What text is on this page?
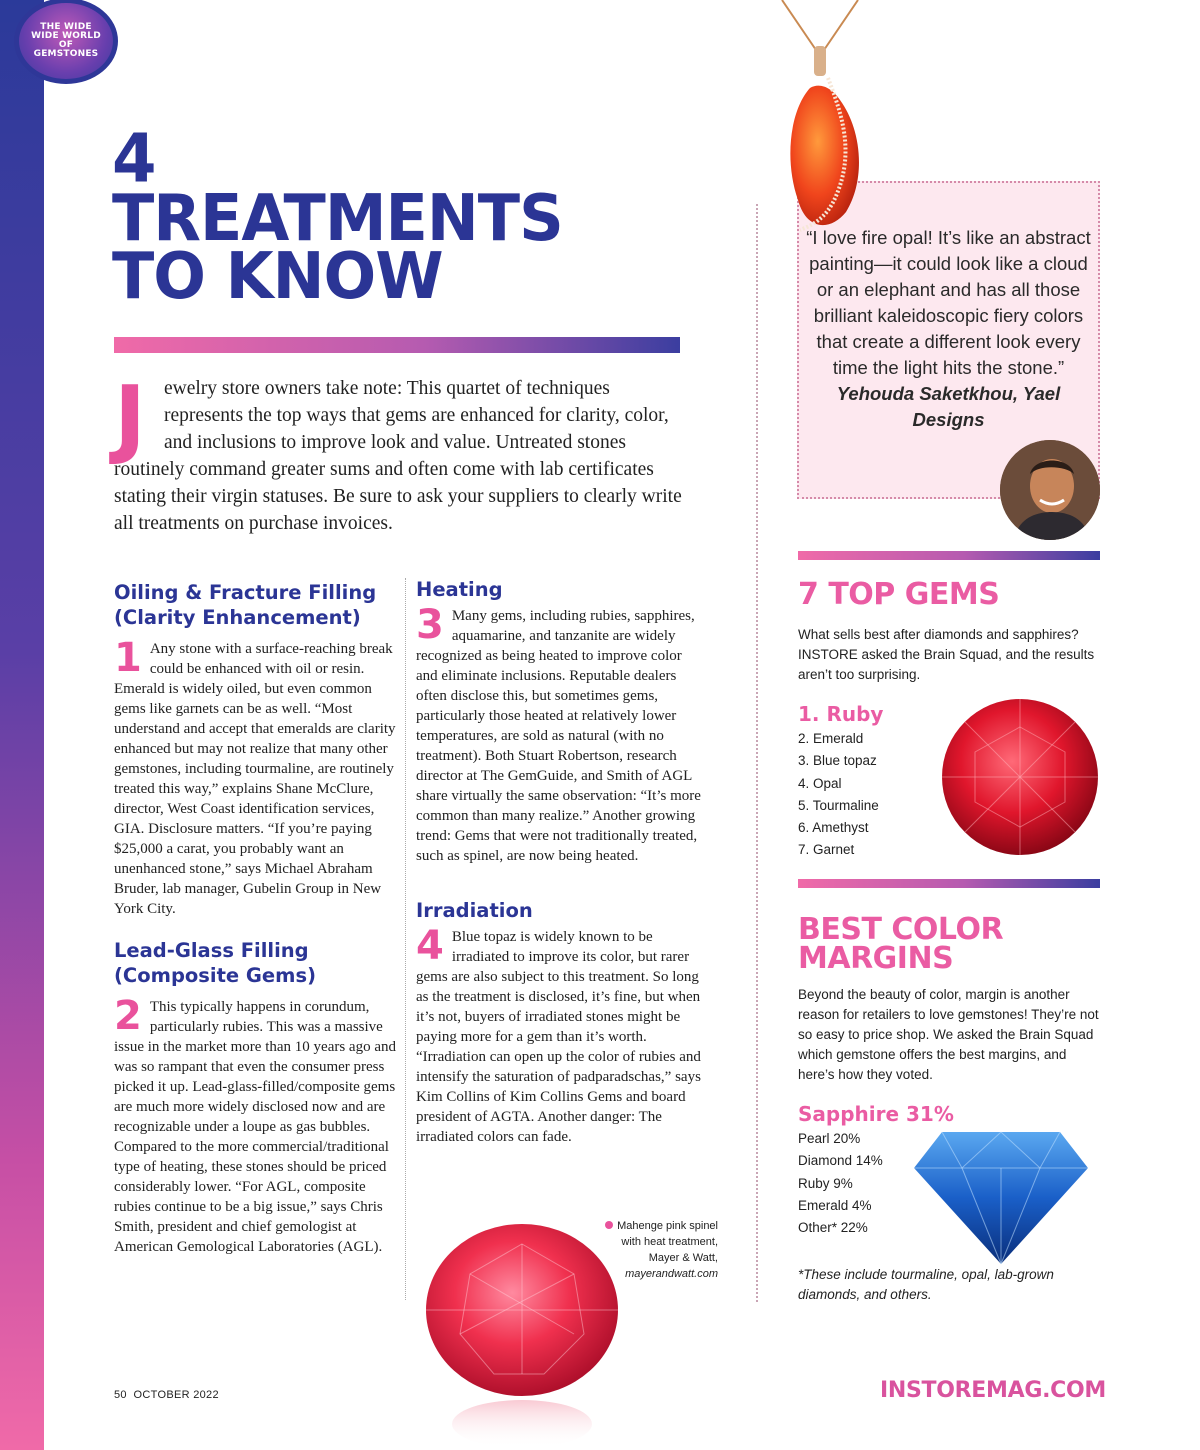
THE WIDE WIDE WORLD OF GEMSTONES
4
TREATMENTS
TO KNOW
Jewelry store owners take note: This quartet of techniques represents the top ways that gems are enhanced for clarity, color, and inclusions to improve look and value. Untreated stones routinely command greater sums and often come with lab certificates stating their virgin statuses. Be sure to ask your suppliers to clearly write all treatments on purchase invoices.
Oiling & Fracture Filling (Clarity Enhancement)
1 Any stone with a surface-reaching break could be enhanced with oil or resin. Emerald is widely oiled, but even common gems like garnets can be as well. “Most understand and accept that emeralds are clarity enhanced but may not realize that many other gemstones, including tourmaline, are routinely treated this way,” explains Shane McClure, director, West Coast identification services, GIA. Disclosure matters. “If you’re paying $25,000 a carat, you probably want an unenhanced stone,” says Michael Abraham Bruder, lab manager, Gubelin Group in New York City.
Lead-Glass Filling (Composite Gems)
2 This typically happens in corundum, particularly rubies. This was a massive issue in the market more than 10 years ago and was so rampant that even the consumer press picked it up. Lead-glass-filled/composite gems are much more widely disclosed now and are recognizable under a loupe as gas bubbles. Compared to the more commercial/traditional type of heating, these stones should be priced considerably lower. “For AGL, composite rubies continue to be a big issue,” says Chris Smith, president and chief gemologist at American Gemological Laboratories (AGL).
Heating
3 Many gems, including rubies, sapphires, aquamarine, and tanzanite are widely recognized as being heated to improve color and eliminate inclusions. Reputable dealers often disclose this, but sometimes gems, particularly those heated at relatively lower temperatures, are sold as natural (with no treatment). Both Stuart Robertson, research director at The GemGuide, and Smith of AGL share virtually the same observation: “It’s more common than many realize.” Another growing trend: Gems that were not traditionally treated, such as spinel, are now being heated.
Irradiation
4 Blue topaz is widely known to be irradiated to improve its color, but rarer gems are also subject to this treatment. So long as the treatment is disclosed, it’s fine, but when it’s not, buyers of irradiated stones might be paying more for a gem than it’s worth. “Irradiation can open up the color of rubies and intensify the saturation of padparadschas,” says Kim Collins of Kim Collins Gems and board president of AGTA. Another danger: The irradiated colors can fade.
Mahenge pink spinel with heat treatment, Mayer & Watt, mayerandwatt.com
“I love fire opal! It’s like an abstract painting—it could look like a cloud or an elephant and has all those brilliant kaleidoscopic fiery colors that create a different look every time the light hits the stone.” Yehouda Saketkhou, Yael Designs
7 TOP GEMS
What sells best after diamonds and sapphires? INSTORE asked the Brain Squad, and the results aren’t too surprising.
1. Ruby
2. Emerald
3. Blue topaz
4. Opal
5. Tourmaline
6. Amethyst
7. Garnet
BEST COLOR
MARGINS
Beyond the beauty of color, margin is another reason for retailers to love gemstones! They’re not so easy to price shop. We asked the Brain Squad which gemstone offers the best margins, and here’s how they voted.
Sapphire 31%
Pearl 20%
Diamond 14%
Ruby 9%
Emerald 4%
Other* 22%
*These include tourmaline, opal, lab-grown diamonds, and others.
50  OCTOBER 2022	INSTOREMAG.COM
